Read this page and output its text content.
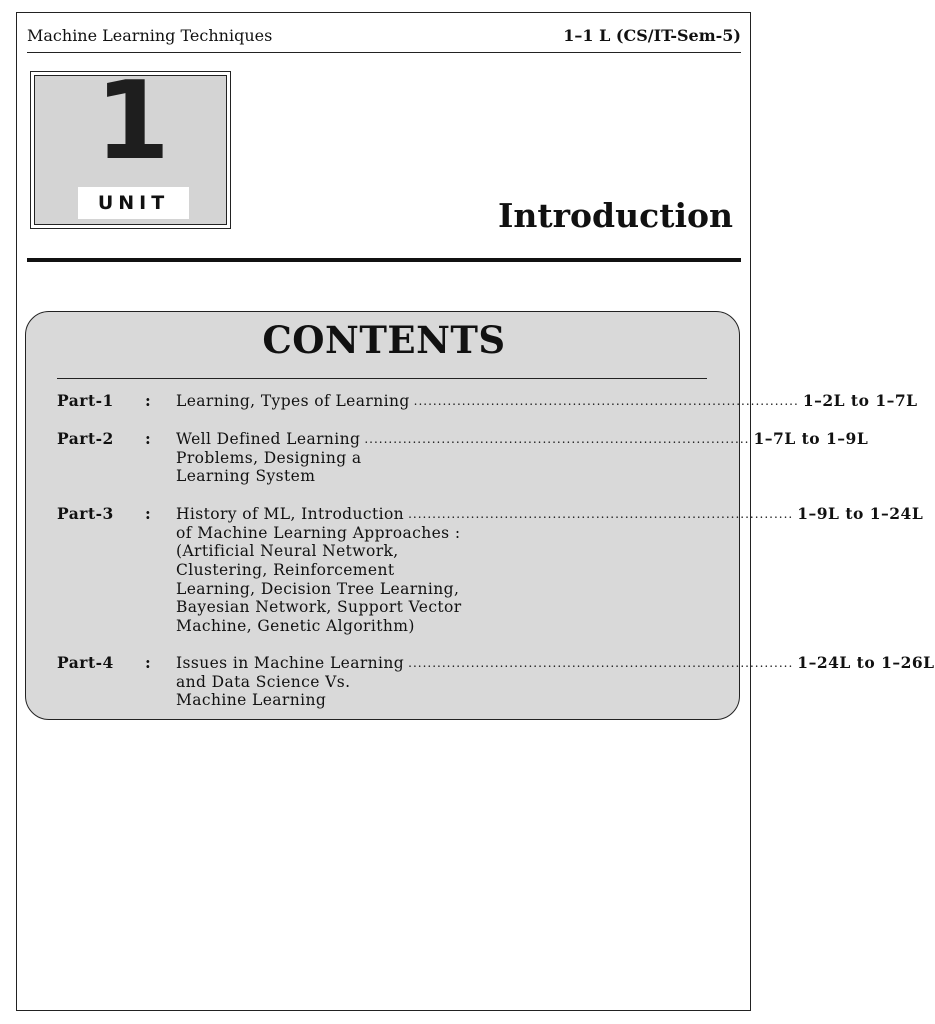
Machine Learning Techniques	1–1 L (CS/IT-Sem-5)
1
UNIT	Introduction
CONTENTS
Part-1 : Learning, Types of Learning ................................................................................ 1–2L to 1–7L
Part-2 : Well Defined Learning ................................................................................ 1–7L to 1–9L
Problems, Designing a
Learning System
Part-3 : History of ML, Introduction ................................................................................ 1–9L to 1–24L
of Machine Learning Approaches :
(Artificial Neural Network,
Clustering, Reinforcement
Learning, Decision Tree Learning,
Bayesian Network, Support Vector
Machine, Genetic Algorithm)
Part-4 : Issues in Machine Learning ................................................................................ 1–24L to 1–26L
and Data Science Vs.
Machine Learning
